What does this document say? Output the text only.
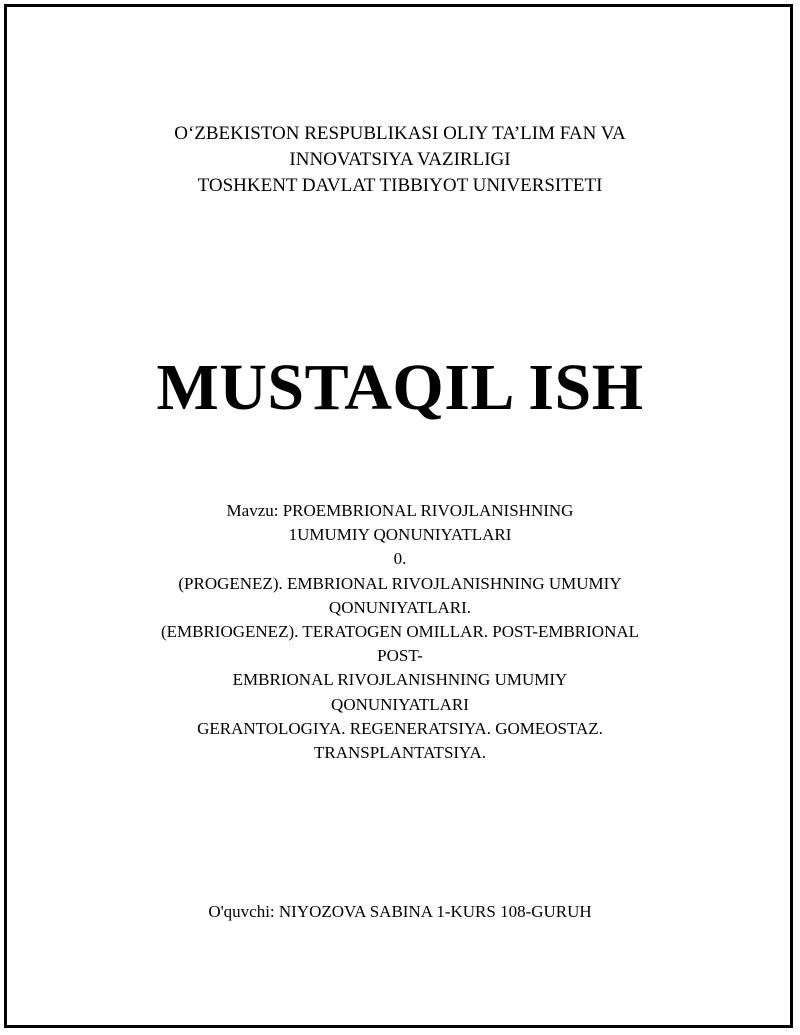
O‘ZBEKISTON RESPUBLIKASI OLIY TA’LIM FAN VA
INNOVATSIYA VAZIRLIGI
TOSHKENT DAVLAT TIBBIYOT UNIVERSITETI
MUSTAQIL ISH
Mavzu: PROEMBRIONAL RIVOJLANISHNING
1UMUMIY QONUNIYATLARI
0.
(PROGENEZ). EMBRIONAL RIVOJLANISHNING UMUMIY
QONUNIYATLARI.
(EMBRIOGENEZ). TERATOGEN OMILLAR. POST-EMBRIONAL
POST-
EMBRIONAL RIVOJLANISHNING UMUMIY
QONUNIYATLARI
GERANTOLOGIYA. REGENERATSIYA. GOMEOSTAZ.
TRANSPLANTATSIYA.
O'quvchi: NIYOZOVA SABINA 1-KURS 108-GURUH
